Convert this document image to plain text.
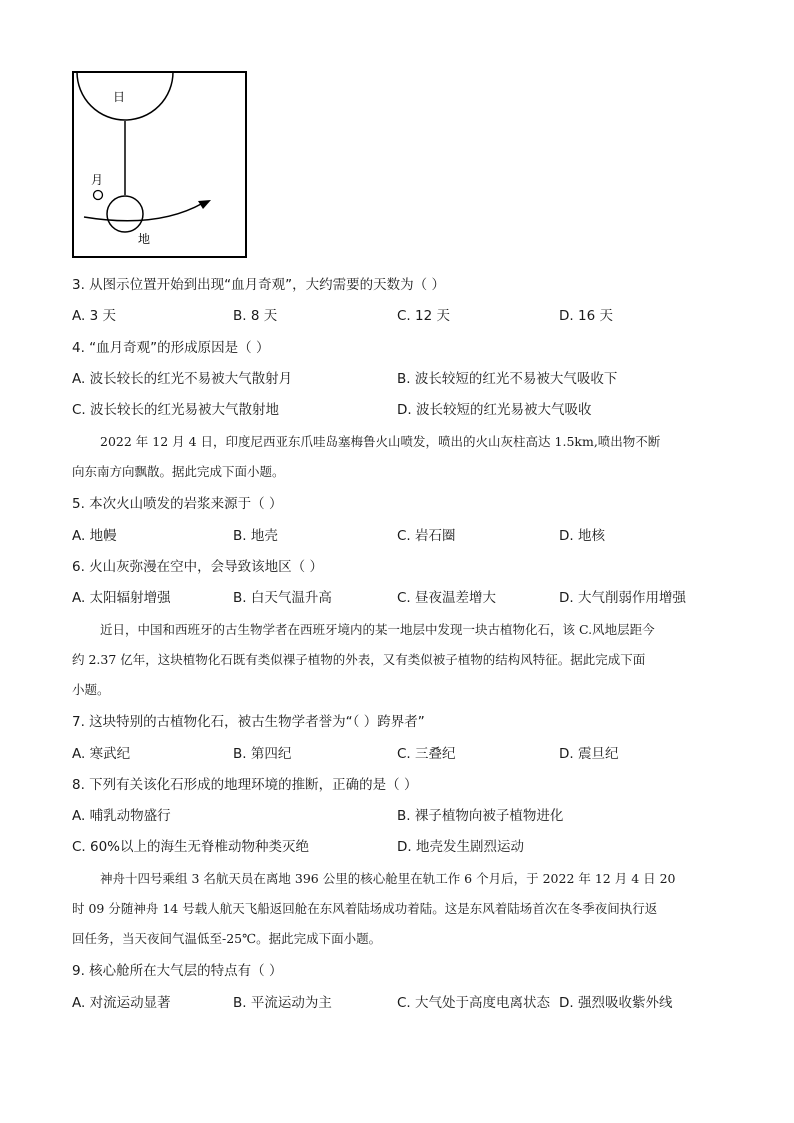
日
月
地
3. 从图示位置开始到出现“血月奇观”，大约需要的天数为（ ）
A. 3 天	B. 8 天	C. 12 天	D. 16 天
4. “血月奇观”的形成原因是（ ）
A. 波长较长的红光不易被大气散射月	B. 波长较短的红光不易被大气吸收下
C. 波长较长的红光易被大气散射地	D. 波长较短的红光易被大气吸收
2022 年 12 月 4 日，印度尼西亚东爪哇岛塞梅鲁火山喷发，喷出的火山灰柱高达 1.5km,喷出物不断
向东南方向飘散。据此完成下面小题。
5. 本次火山喷发的岩浆来源于（ ）
A. 地幔	B. 地壳	C. 岩石圈	D. 地核
6. 火山灰弥漫在空中，会导致该地区（ ）
A. 太阳辐射增强	B. 白天气温升高	C. 昼夜温差增大	D. 大气削弱作用增强
近日，中国和西班牙的古生物学者在西班牙境内的某一地层中发现一块古植物化石，该 C.风地层距今
约 2.37 亿年，这块植物化石既有类似裸子植物的外表，又有类似被子植物的结构风特征。据此完成下面
小题。
7. 这块特别的古植物化石，被古生物学者誉为“（ ）跨界者”
A. 寒武纪	B. 第四纪	C. 三叠纪	D. 震旦纪
8. 下列有关该化石形成的地理环境的推断，正确的是（ ）
A. 哺乳动物盛行	B. 裸子植物向被子植物进化
C. 60%以上的海生无脊椎动物种类灭绝	D. 地壳发生剧烈运动
神舟十四号乘组 3 名航天员在离地 396 公里的核心舱里在轨工作 6 个月后，于 2022 年 12 月 4 日 20
时 09 分随神舟 14 号载人航天飞船返回舱在东风着陆场成功着陆。这是东风着陆场首次在冬季夜间执行返
回任务，当天夜间气温低至-25℃。据此完成下面小题。
9. 核心舱所在大气层的特点有（ ）
A. 对流运动显著	B. 平流运动为主	C. 大气处于高度电离状态 D. 强烈吸收紫外线
